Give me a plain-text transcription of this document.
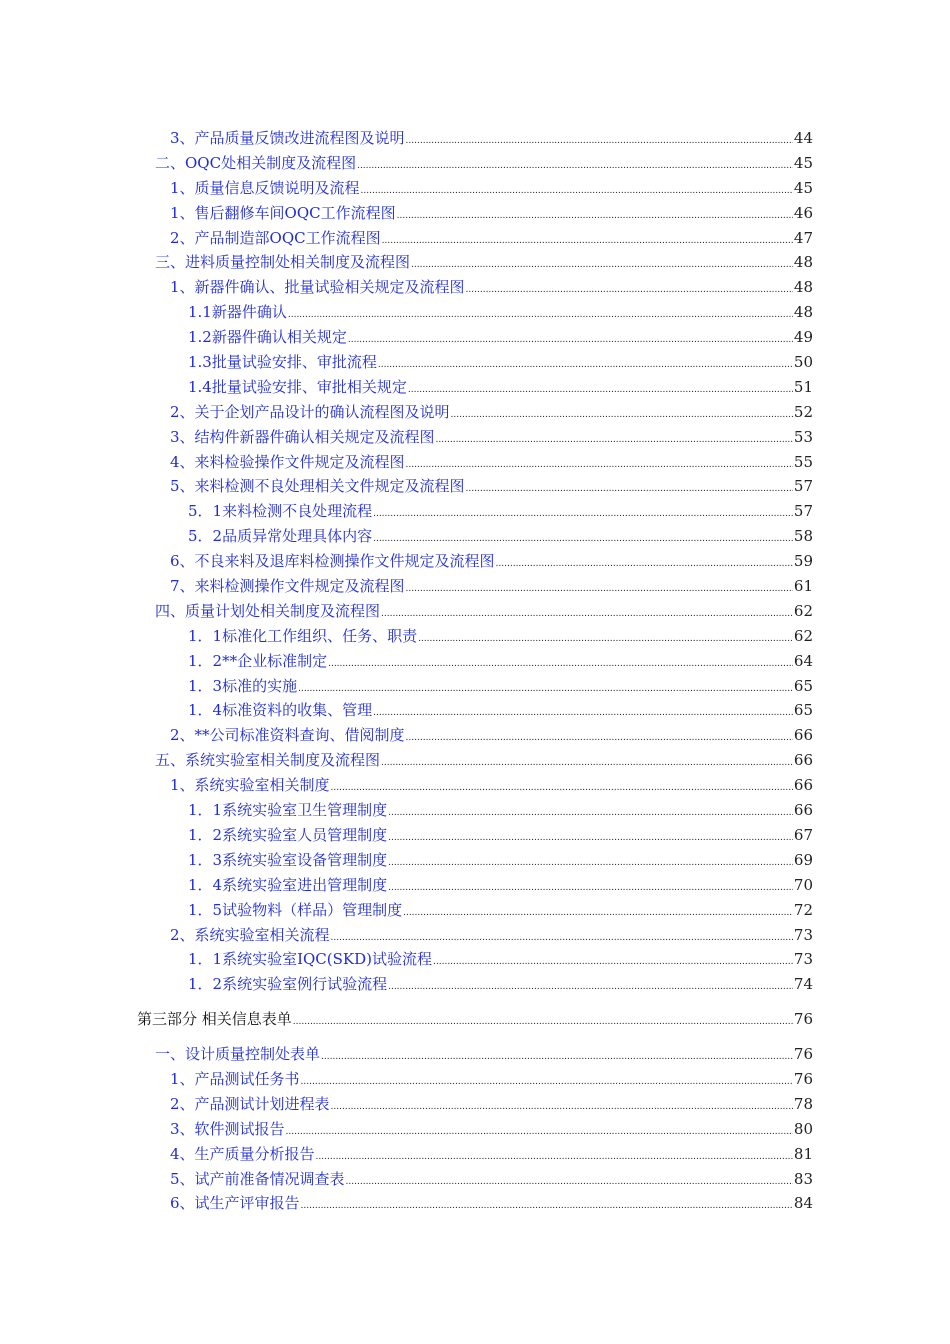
3、产品质量反馈改进流程图及说明 .....	44
二、OQC处相关制度及流程图 .....	45
1、质量信息反馈说明及流程 .....	45
1、售后翻修车间OQC工作流程图 .....	46
2、产品制造部OQC工作流程图 .....	47
三、进料质量控制处相关制度及流程图 .....	48
1、新器件确认、批量试验相关规定及流程图 .....	48
1.1新器件确认 .....	48
1.2新器件确认相关规定 .....	49
1.3批量试验安排、审批流程 .....	50
1.4批量试验安排、审批相关规定 .....	51
2、关于企划产品设计的确认流程图及说明 .....	52
3、结构件新器件确认相关规定及流程图 .....	53
4、来料检验操作文件规定及流程图 .....	55
5、来料检测不良处理相关文件规定及流程图 .....	57
5．1来料检测不良处理流程 .....	57
5．2品质异常处理具体内容 .....	58
6、不良来料及退库料检测操作文件规定及流程图 .....	59
7、来料检测操作文件规定及流程图 .....	61
四、质量计划处相关制度及流程图 .....	62
1．1标准化工作组织、任务、职责 .....	62
1．2**企业标准制定 .....	64
1．3标准的实施 .....	65
1．4标准资料的收集、管理 .....	65
2、**公司标准资料查询、借阅制度 .....	66
五、系统实验室相关制度及流程图 .....	66
1、系统实验室相关制度 .....	66
1．1系统实验室卫生管理制度 .....	66
1．2系统实验室人员管理制度 .....	67
1．3系统实验室设备管理制度 .....	69
1．4系统实验室进出管理制度 .....	70
1．5试验物料（样品）管理制度 .....	72
2、系统实验室相关流程 .....	73
1．1系统实验室IQC(SKD)试验流程 .....	73
1．2系统实验室例行试验流程 .....	74
第三部分 相关信息表单 .....	76
一、设计质量控制处表单 .....	76
1、产品测试任务书 .....	76
2、产品测试计划进程表 .....	78
3、软件测试报告 .....	80
4、生产质量分析报告 .....	81
5、试产前准备情况调查表 .....	83
6、试生产评审报告 .....	84
